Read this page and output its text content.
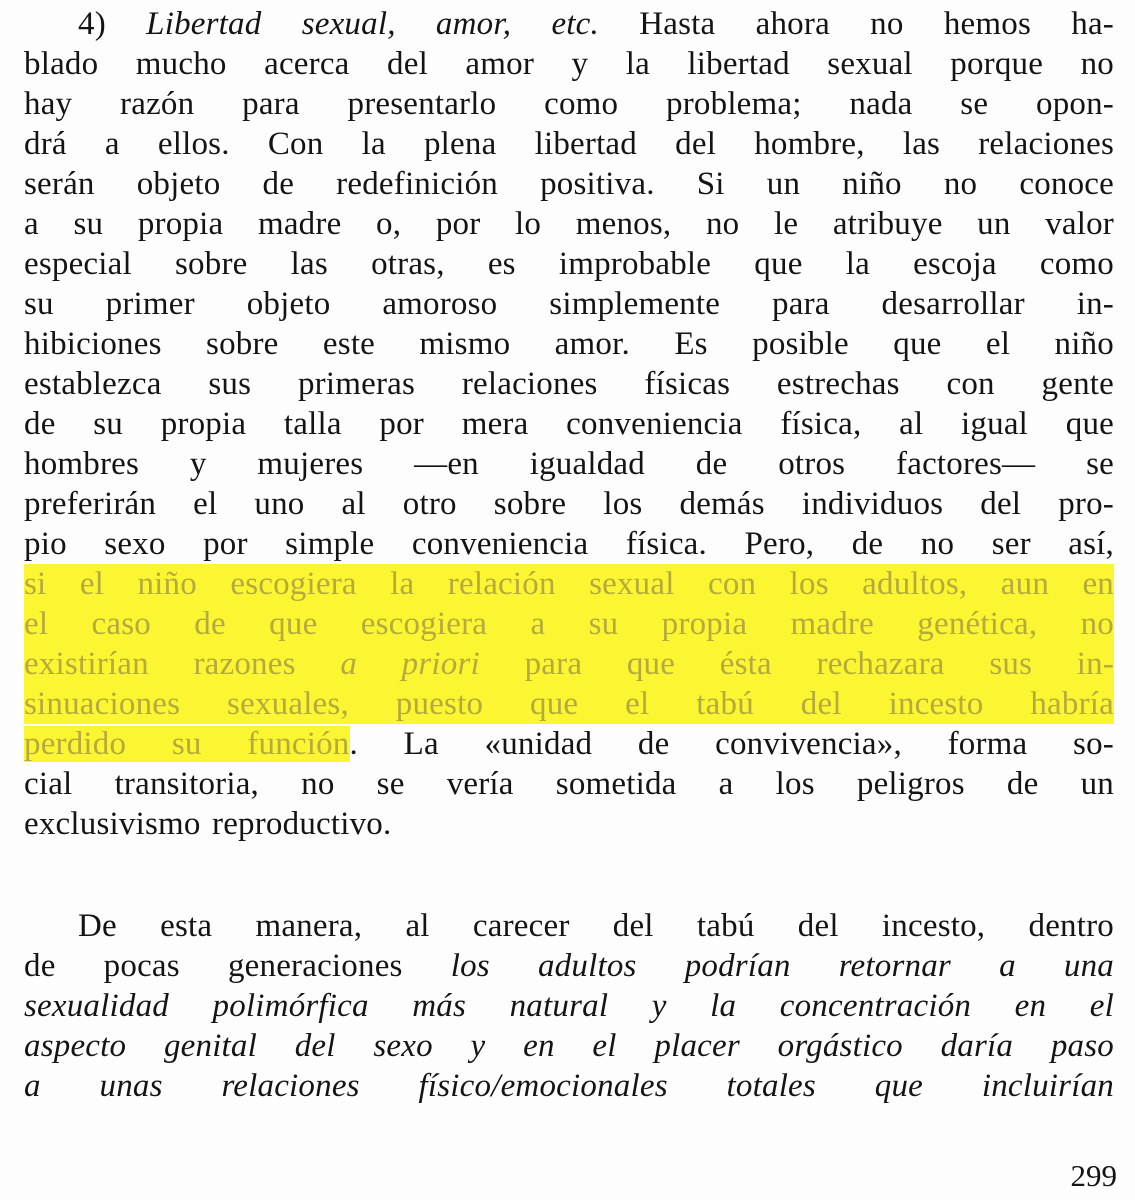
4) Libertad sexual, amor, etc. Hasta ahora no hemos ha-
blado mucho acerca del amor y la libertad sexual porque no
hay razón para presentarlo como problema; nada se opon-
drá a ellos. Con la plena libertad del hombre, las relaciones
serán objeto de redefinición positiva. Si un niño no conoce
a su propia madre o, por lo menos, no le atribuye un valor
especial sobre las otras, es improbable que la escoja como
su primer objeto amoroso simplemente para desarrollar in-
hibiciones sobre este mismo amor. Es posible que el niño
establezca sus primeras relaciones físicas estrechas con gente
de su propia talla por mera conveniencia física, al igual que
hombres y mujeres —en igualdad de otros factores— se
preferirán el uno al otro sobre los demás individuos del pro-
pio sexo por simple conveniencia física. Pero, de no ser así,
si el niño escogiera la relación sexual con los adultos, aun en
el caso de que escogiera a su propia madre genética, no
existirían razones a priori para que ésta rechazara sus in-
sinuaciones sexuales, puesto que el tabú del incesto habría
perdido su función. La «unidad de convivencia», forma so-
cial transitoria, no se vería sometida a los peligros de un
exclusivismo reproductivo.
De esta manera, al carecer del tabú del incesto, dentro
de pocas generaciones los adultos podrían retornar a una
sexualidad polimórfica más natural y la concentración en el
aspecto genital del sexo y en el placer orgástico daría paso
a unas relaciones físico/emocionales totales que incluirían
299
